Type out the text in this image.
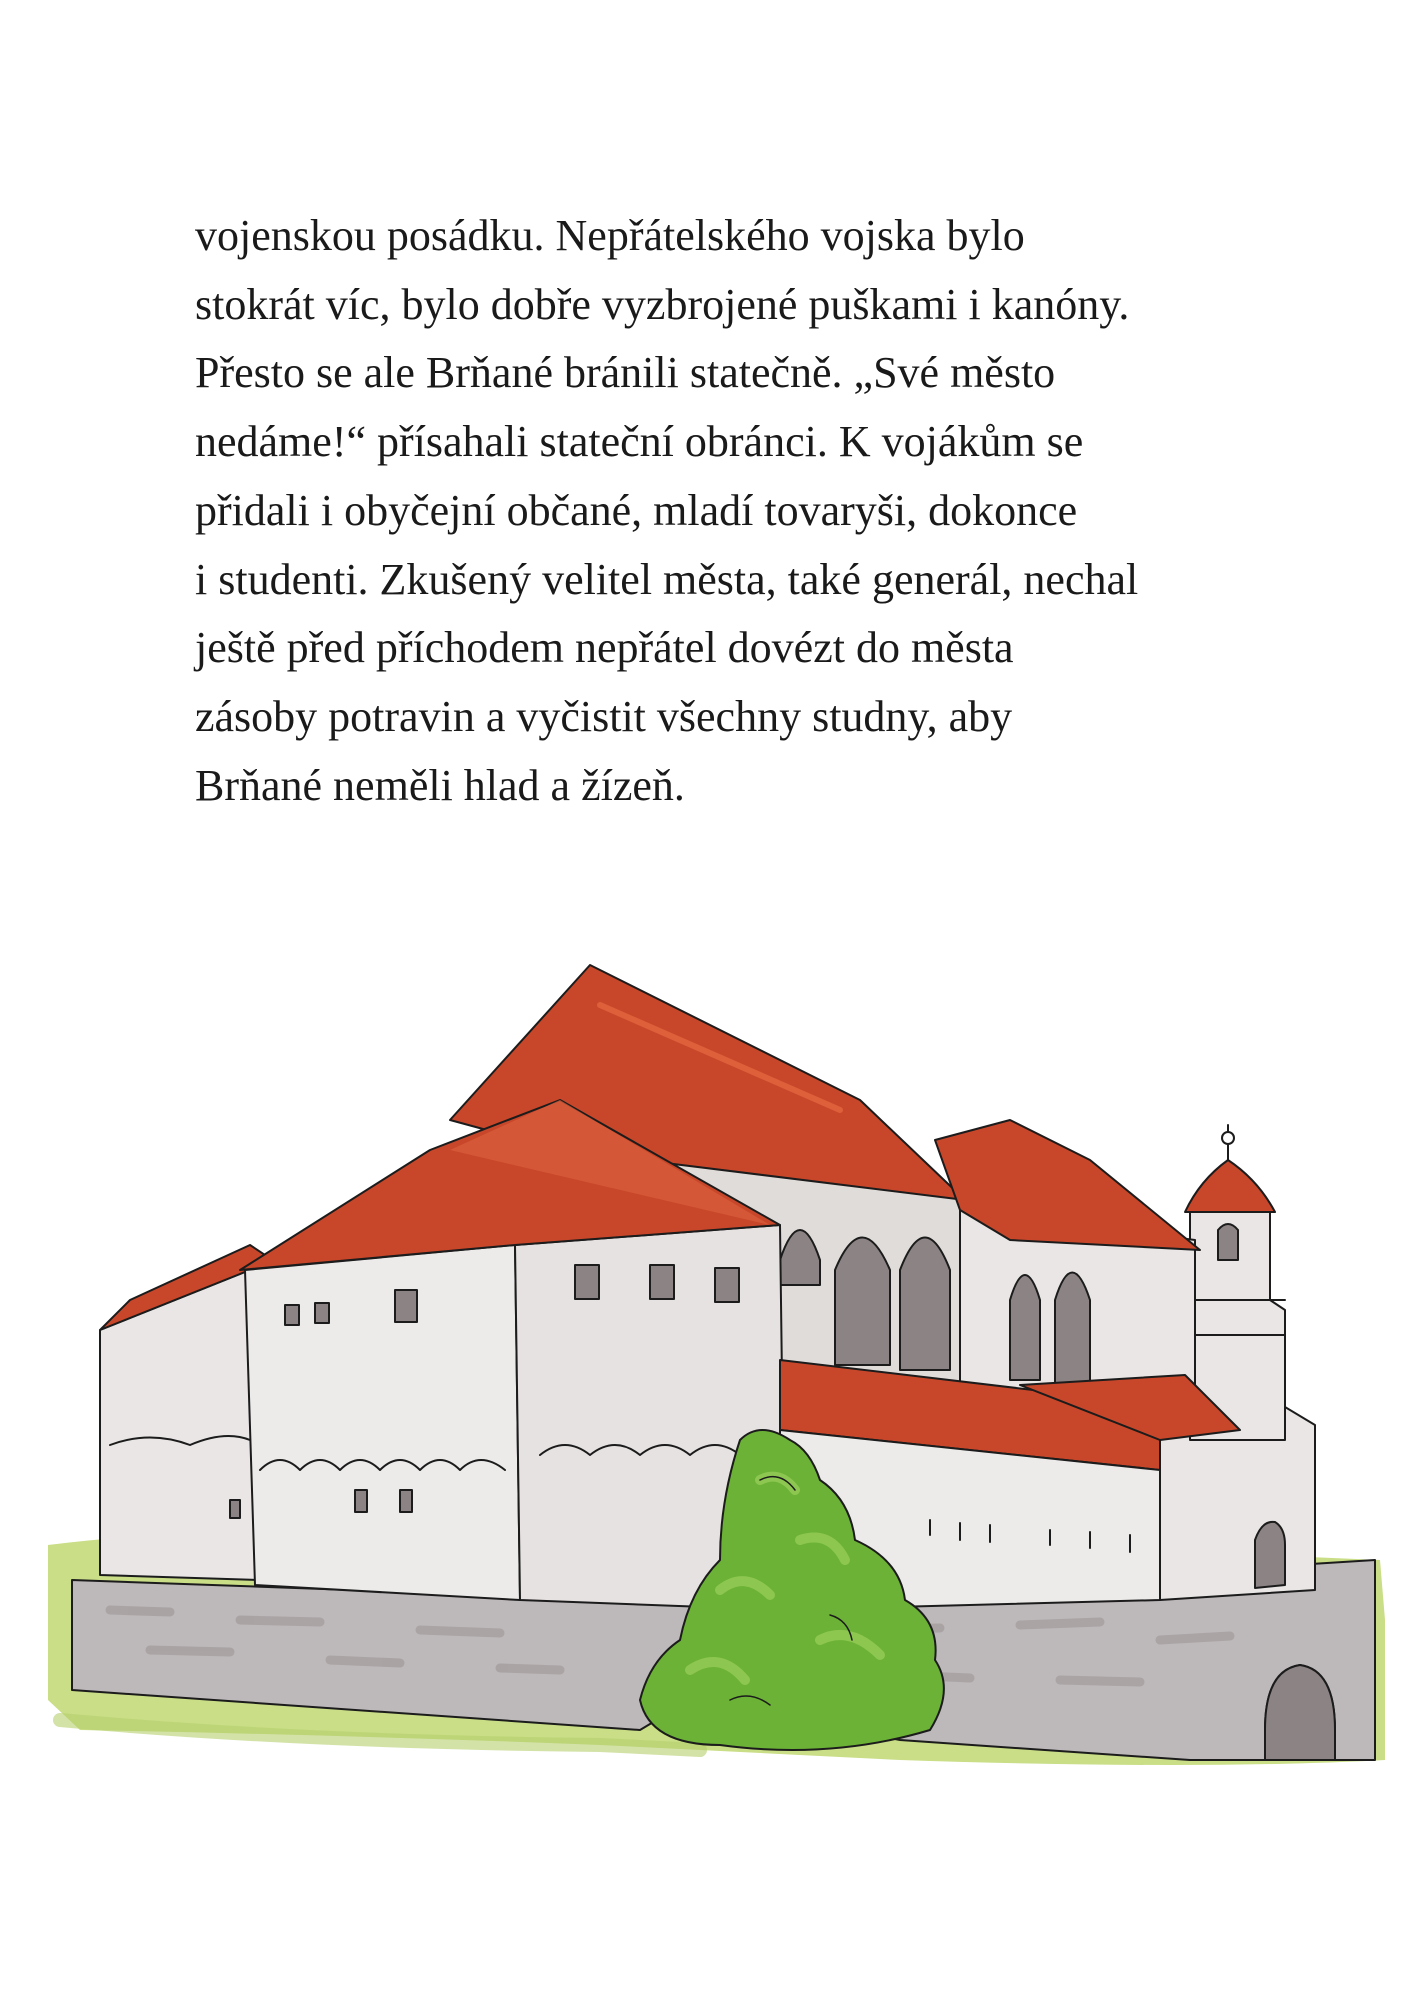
vojenskou posádku. Nepřátelského vojska bylo
stokrát víc, bylo dobře vyzbrojené puškami i kanóny.
Přesto se ale Brňané bránili statečně. „Své město
nedáme!“ přísahali stateční obránci. K vojákům se
přidali i obyčejní občané, mladí tovaryši, dokonce
i studenti. Zkušený velitel města, také generál, nechal
ještě před příchodem nepřátel dovézt do města
zásoby potravin a vyčistit všechny studny, aby
Brňané neměli hlad a žízeň.
